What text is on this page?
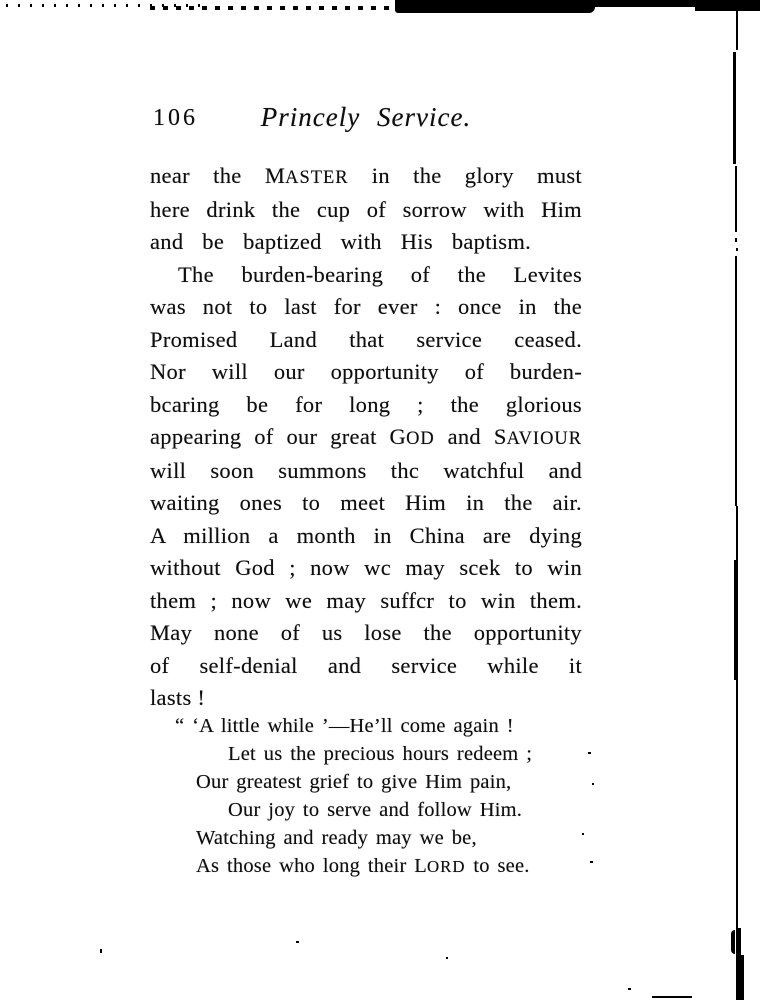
106	Princely Service.
near the MASTER in the glory must
here drink the cup of sorrow with Him
and be baptized with His baptism.
The burden-bearing of the Levites
was not to last for ever : once in the
Promised Land that service ceased.
Nor will our opportunity of burden-
bcaring be for long ; the glorious
appearing of our great GOD and SAVIOUR
will soon summons thc watchful and
waiting ones to meet Him in the air.
A million a month in China are dying
without God ; now wc may scek to win
them ; now we may suffcr to win them.
May none of us lose the opportunity
of self-denial and service while it
lasts !
“ ‘A little while ’—He’ll come again !
Let us the precious hours redeem ;
Our greatest grief to give Him pain,
Our joy to serve and follow Him.
Watching and ready may we be,
As those who long their LORD to see.
